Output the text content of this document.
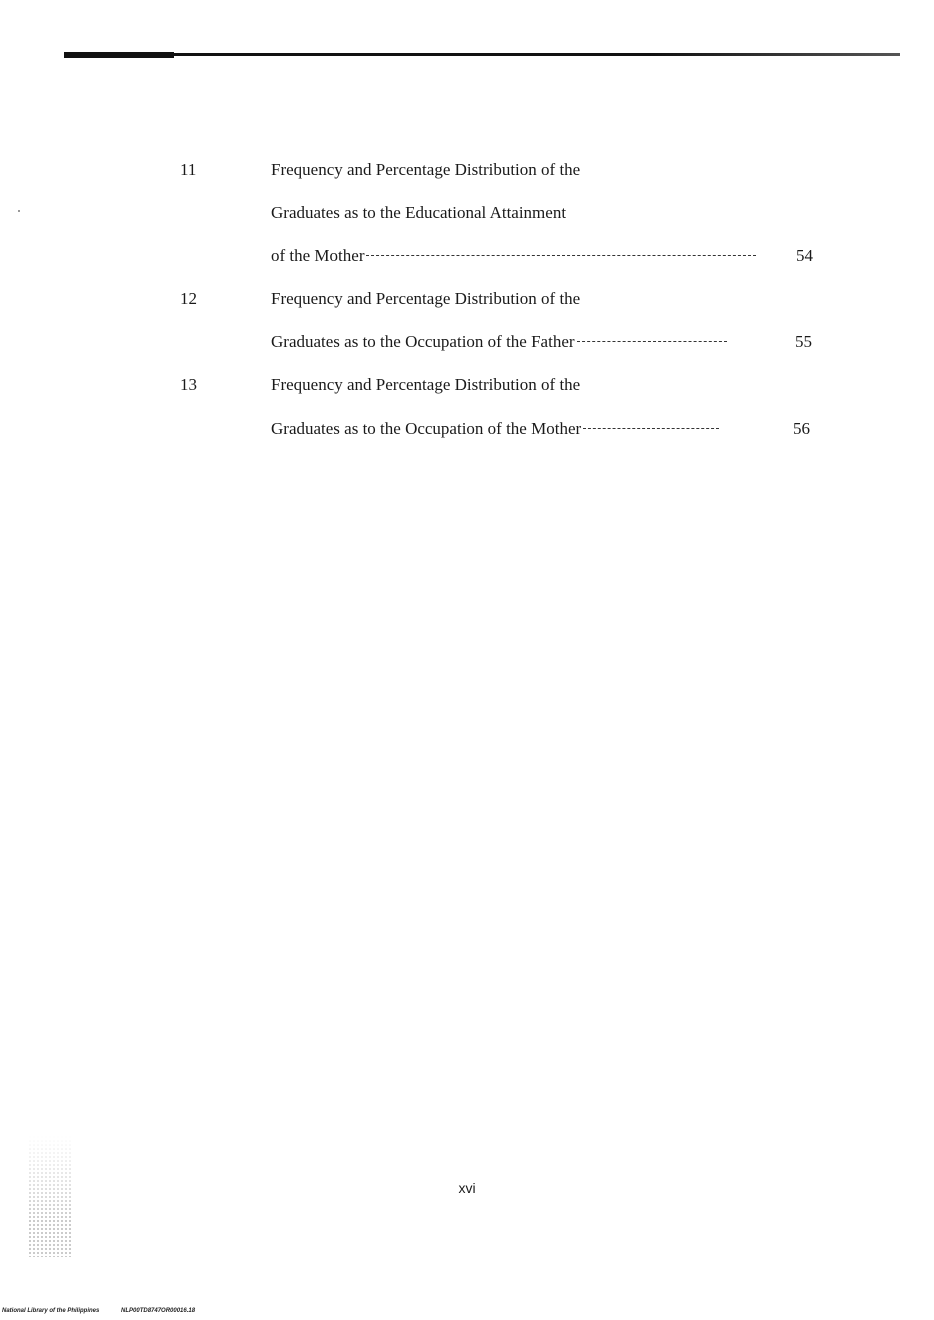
11	Frequency and Percentage Distribution of the
Graduates as to the Educational Attainment
of the Mother	54
12	Frequency and Percentage Distribution of the
Graduates as to the Occupation of the Father	55
13	Frequency and Percentage Distribution of the
Graduates as to the Occupation of the Mother	56
xvi
National Library of the Philippines	NLP00TD8747OR00016.18
